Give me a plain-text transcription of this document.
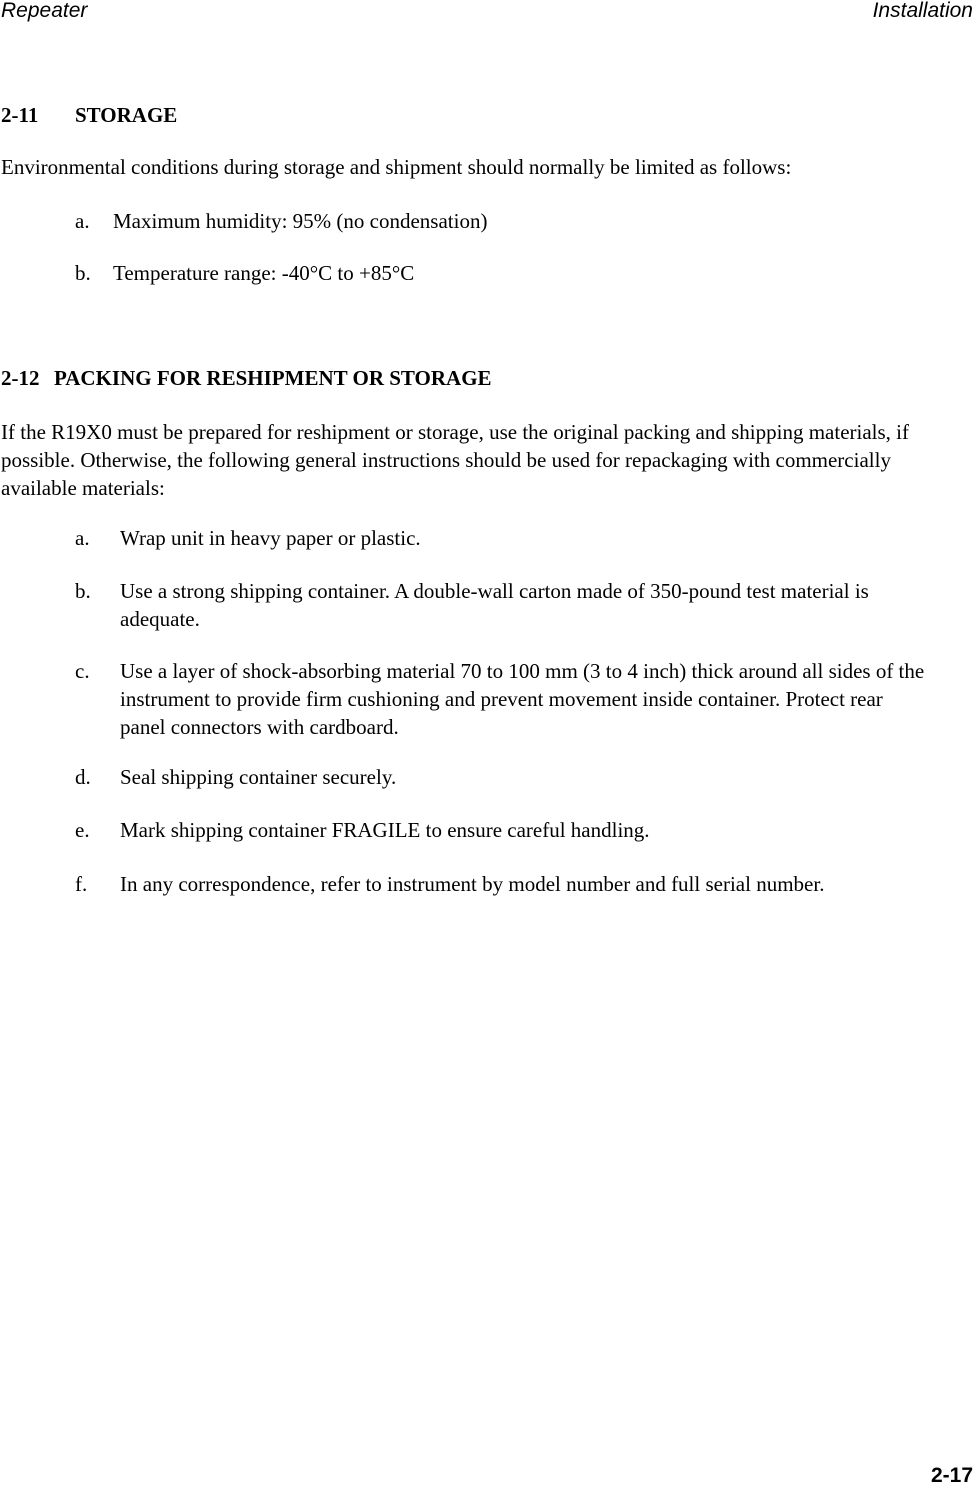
Repeater	Installation
2-11 STORAGE

Environmental conditions during storage and shipment should normally be limited as follows:

a. Maximum humidity: 95% (no condensation)
b. Temperature range: -40°C to +85°C
2-12 PACKING FOR RESHIPMENT OR STORAGE

If the R19X0 must be prepared for reshipment or storage, use the original packing and shipping materials, if possible. Otherwise, the following general instructions should be used for repackaging with commercially available materials:

a. Wrap unit in heavy paper or plastic.
b. Use a strong shipping container. A double-wall carton made of 350-pound test material is adequate.
c. Use a layer of shock-absorbing material 70 to 100 mm (3 to 4 inch) thick around all sides of the instrument to provide firm cushioning and prevent movement inside container. Protect rear panel connectors with cardboard.
d. Seal shipping container securely.
e. Mark shipping container FRAGILE to ensure careful handling.
f. In any correspondence, refer to instrument by model number and full serial number.
2-17
